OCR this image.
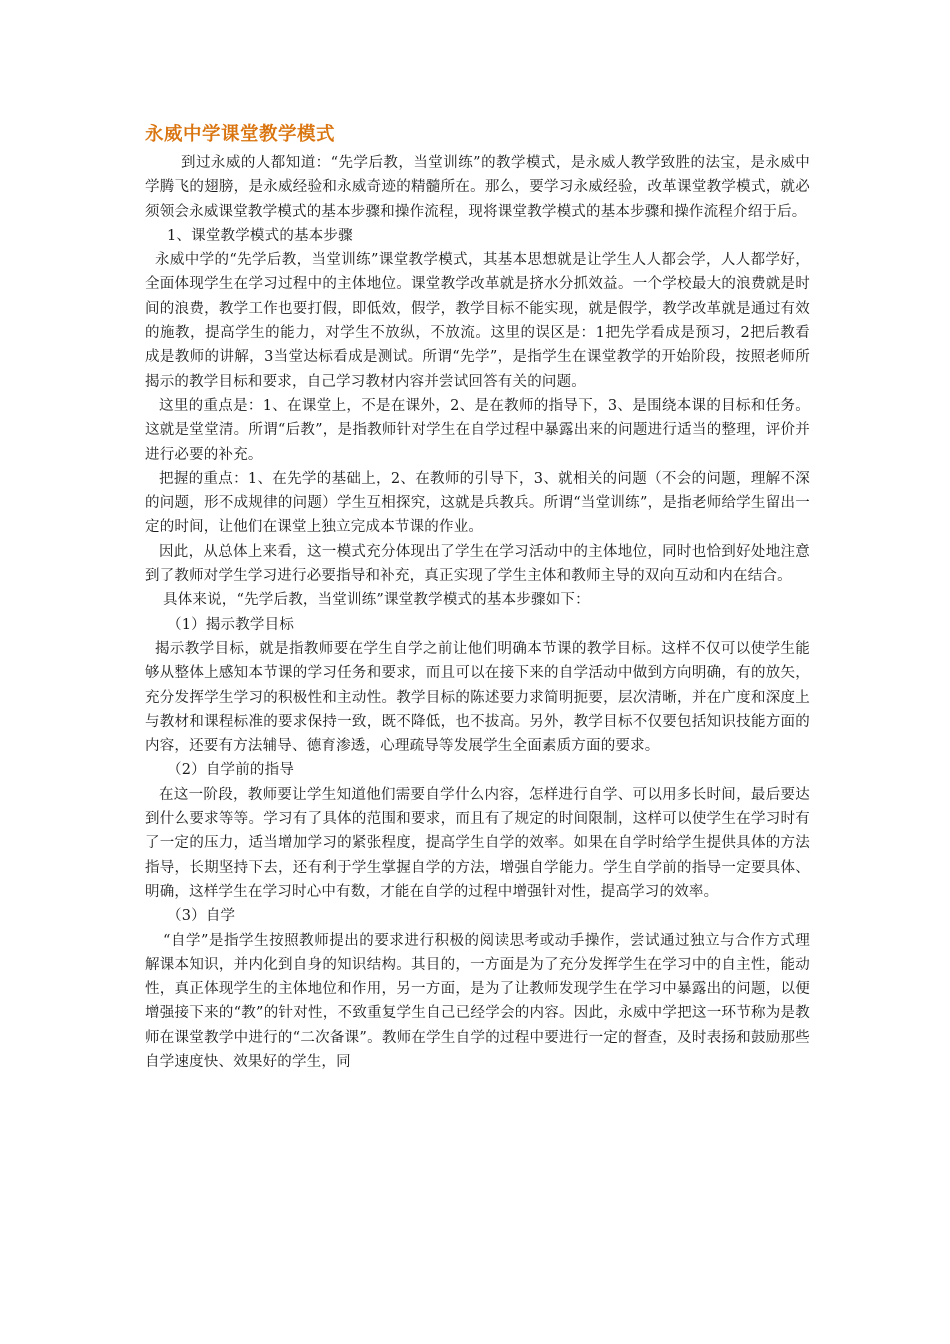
永威中学课堂教学模式

到过永威的人都知道：“先学后教，当堂训练”的教学模式，是永威人教学致胜的法宝，是永威中学腾飞的翅膀，是永威经验和永威奇迹的精髓所在。那么，要学习永威经验，改革课堂教学模式，就必须领会永威课堂教学模式的基本步骤和操作流程，现将课堂教学模式的基本步骤和操作流程介绍于后。

1、课堂教学模式的基本步骤

永威中学的“先学后教，当堂训练”课堂教学模式，其基本思想就是让学生人人都会学，人人都学好，全面体现学生在学习过程中的主体地位。课堂教学改革就是挤水分抓效益。一个学校最大的浪费就是时间的浪费，教学工作也要打假，即低效，假学，教学目标不能实现，就是假学，教学改革就是通过有效的施教，提高学生的能力，对学生不放纵，不放流。这里的误区是：1把先学看成是预习，2把后教看成是教师的讲解，3当堂达标看成是测试。所谓“先学”，是指学生在课堂教学的开始阶段，按照老师所揭示的教学目标和要求，自己学习教材内容并尝试回答有关的问题。

这里的重点是：1、在课堂上，不是在课外，2、是在教师的指导下，3、是围绕本课的目标和任务。这就是堂堂清。所谓“后教”，是指教师针对学生在自学过程中暴露出来的问题进行适当的整理，评价并进行必要的补充。

把握的重点：1、在先学的基础上，2、在教师的引导下，3、就相关的问题（不会的问题，理解不深的问题，形不成规律的问题）学生互相探究，这就是兵教兵。所谓“当堂训练”，是指老师给学生留出一定的时间，让他们在课堂上独立完成本节课的作业。

因此，从总体上来看，这一模式充分体现出了学生在学习活动中的主体地位，同时也恰到好处地注意到了教师对学生学习进行必要指导和补充，真正实现了学生主体和教师主导的双向互动和内在结合。

具体来说，“先学后教，当堂训练”课堂教学模式的基本步骤如下：

（1）揭示教学目标

揭示教学目标，就是指教师要在学生自学之前让他们明确本节课的教学目标。这样不仅可以使学生能够从整体上感知本节课的学习任务和要求，而且可以在接下来的自学活动中做到方向明确，有的放矢，充分发挥学生学习的积极性和主动性。教学目标的陈述要力求简明扼要，层次清晰，并在广度和深度上与教材和课程标准的要求保持一致，既不降低，也不拔高。另外，教学目标不仅要包括知识技能方面的内容，还要有方法辅导、德育渗透，心理疏导等发展学生全面素质方面的要求。

（2）自学前的指导

在这一阶段，教师要让学生知道他们需要自学什么内容，怎样进行自学、可以用多长时间，最后要达到什么要求等等。学习有了具体的范围和要求，而且有了规定的时间限制，这样可以使学生在学习时有了一定的压力，适当增加学习的紧张程度，提高学生自学的效率。如果在自学时给学生提供具体的方法指导，长期坚持下去，还有利于学生掌握自学的方法，增强自学能力。学生自学前的指导一定要具体、明确，这样学生在学习时心中有数，才能在自学的过程中增强针对性，提高学习的效率。

（3）自学

“自学”是指学生按照教师提出的要求进行积极的阅读思考或动手操作，尝试通过独立与合作方式理解课本知识，并内化到自身的知识结构。其目的，一方面是为了充分发挥学生在学习中的自主性，能动性，真正体现学生的主体地位和作用，另一方面，是为了让教师发现学生在学习中暴露出的问题，以便增强接下来的“教”的针对性，不致重复学生自己已经学会的内容。因此，永威中学把这一环节称为是教师在课堂教学中进行的“二次备课”。教师在学生自学的过程中要进行一定的督查，及时表扬和鼓励那些自学速度快、效果好的学生，同
